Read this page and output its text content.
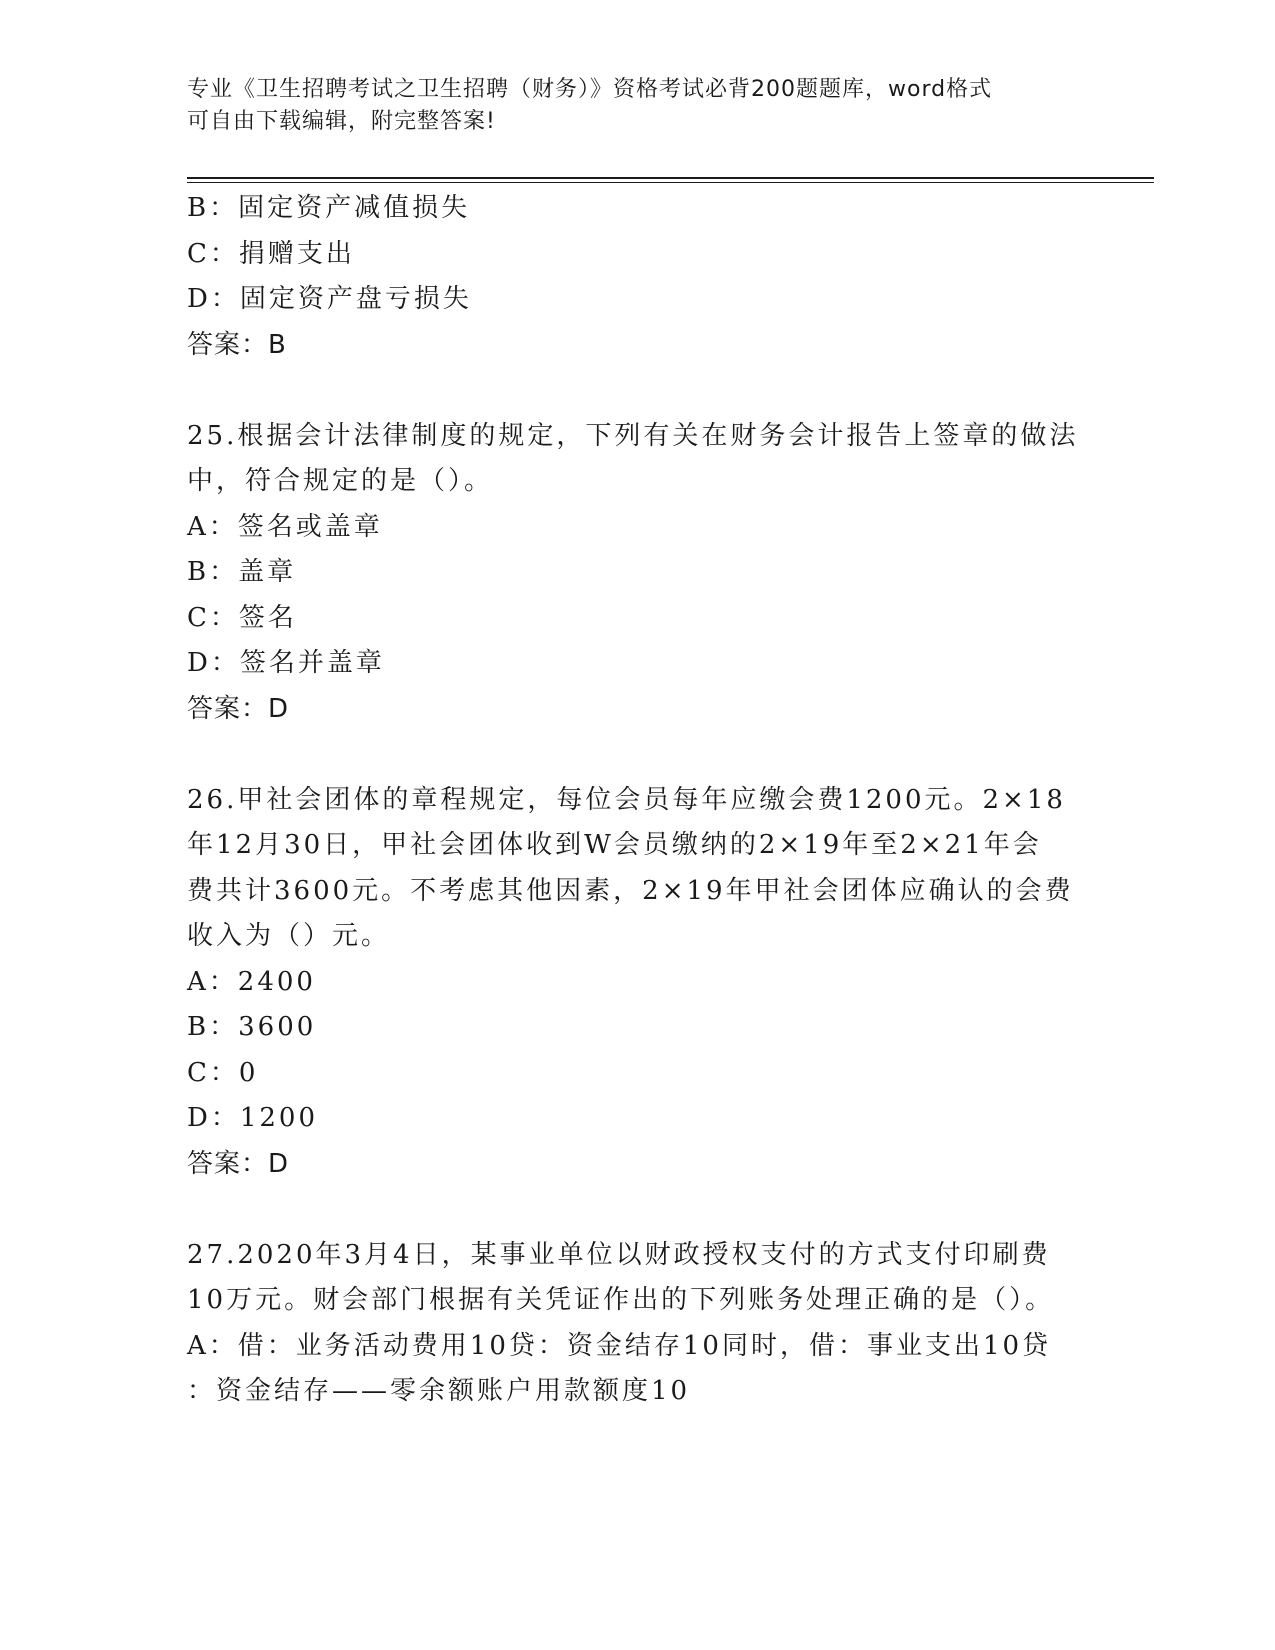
专业《卫生招聘考试之卫生招聘（财务）》资格考试必背200题题库，word格式
可自由下载编辑，附完整答案!
B：固定资产减值损失
C：捐赠支出
D：固定资产盘亏损失
答案：B
25.根据会计法律制度的规定，下列有关在财务会计报告上签章的做法
中，符合规定的是（）。
A：签名或盖章
B：盖章
C：签名
D：签名并盖章
答案：D
26.甲社会团体的章程规定，每位会员每年应缴会费1200元。2×18
年12月30日，甲社会团体收到W会员缴纳的2×19年至2×21年会
费共计3600元。不考虑其他因素，2×19年甲社会团体应确认的会费
收入为（）元。
A：2400
B：3600
C：0
D：1200
答案：D
27.2020年3月4日，某事业单位以财政授权支付的方式支付印刷费
10万元。财会部门根据有关凭证作出的下列账务处理正确的是（）。
A：借：业务活动费用10贷：资金结存10同时，借：事业支出10贷
：资金结存——零余额账户用款额度10
